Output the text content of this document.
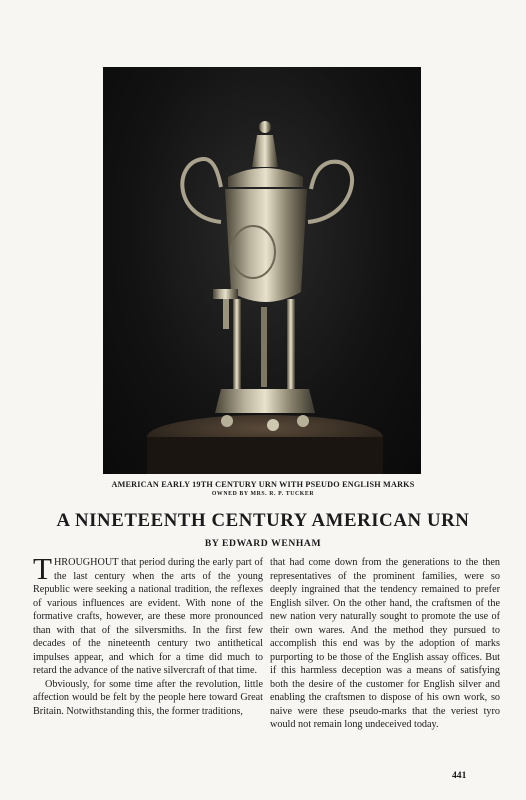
AMERICAN EARLY 19TH CENTURY URN WITH PSEUDO ENGLISH MARKS
OWNED BY MRS. R. P. TUCKER
A NINETEENTH CENTURY AMERICAN URN
BY EDWARD WENHAM

THROUGHOUT that period during the early part of the last century when the arts of the young Republic were seeking a national tradition, the reflexes of various influences are evident. With none of the formative crafts, however, are these more pronounced than with that of the silversmiths. In the first few decades of the nineteenth century two antithetical impulses appear, and which for a time did much to retard the advance of the native silvercraft of that time.

Obviously, for some time after the revolution, little affection would be felt by the people here toward Great Britain. Notwithstanding this, the former traditions,

that had come down from the generations to the then representatives of the prominent families, were so deeply ingrained that the tendency remained to prefer English silver. On the other hand, the craftsmen of the new nation very naturally sought to promote the use of their own wares. And the method they pursued to accomplish this end was by the adoption of marks purporting to be those of the English assay offices. But if this harmless deception was a means of satisfying both the desire of the customer for English silver and enabling the craftsmen to dispose of his own work, so naive were these pseudo-marks that the veriest tyro would not remain long undeceived today.

441
